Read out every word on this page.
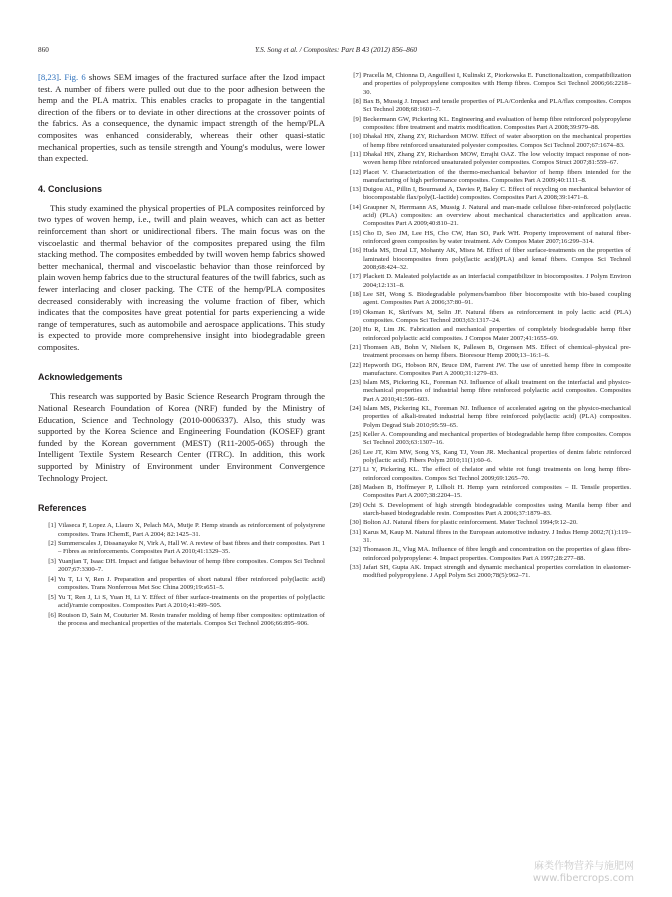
860	Y.S. Song et al. / Composites: Part B 43 (2012) 856–860

[8,23]. Fig. 6 shows SEM images of the fractured surface after the Izod impact test. A number of fibers were pulled out due to the poor adhesion between the hemp and the PLA matrix. This enables cracks to propagate in the tangential direction of the fibers or to deviate in other directions at the crossover points of the fabrics. As a consequence, the dynamic impact strength of the hemp/PLA composites was enhanced considerably, whereas their other quasi-static mechanical properties, such as tensile strength and Young's modulus, were lower than expected.

4. Conclusions

This study examined the physical properties of PLA composites reinforced by two types of woven hemp, i.e., twill and plain weaves, which can act as better reinforcement than short or unidirectional fibers. The main focus was on the viscoelastic and thermal behavior of the composites prepared using the film stacking method. The composites embedded by twill woven hemp fabrics showed better mechanical, thermal and viscoelastic behavior than those reinforced by plain woven hemp fabrics due to the structural features of the twill fabrics, such as fewer interlacing and closer packing. The CTE of the hemp/PLA composites decreased considerably with increasing the volume fraction of fiber, which indicates that the composites have great potential for parts experiencing a wide range of temperatures, such as automobile and aerospace applications. This study is expected to provide more comprehensive insight into biodegradable green composites.

Acknowledgements

This research was supported by Basic Science Research Program through the National Research Foundation of Korea (NRF) funded by the Ministry of Education, Science and Technology (2010-0006337). Also, this study was supported by the Korea Science and Engineering Foundation (KOSEF) grant funded by the Korean government (MEST) (R11-2005-065) through the Intelligent Textile System Research Center (ITRC). In addition, this work supported by Ministry of Environment under Environment Convergence Technology Project.

References
[1] Vilaseca F, Lopez A, Llauro X, Pelach MA, Mutje P. Hemp strands as reinforcement of polystyrene composites. Trans IChemE, Part A 2004; 82:1425–31.
[2] Summerscales J, Dissanayake N, Virk A, Hall W. A review of bast fibres and their composites. Part 1 – Fibres as reinforcements. Composites Part A 2010;41:1329–35.
[3] Yuanjian T, Isaac DH. Impact and fatigue behaviour of hemp fibre composites. Compos Sci Technol 2007;67:3300–7.
[4] Yu T, Li Y, Ren J. Preparation and properties of short natural fiber reinforced poly(lactic acid) composites. Trans Nonferrous Met Soc China 2009;19:s651–5.
[5] Yu T, Ren J, Li S, Yuan H, Li Y. Effect of fiber surface-treatments on the properties of poly(lactic acid)/ramie composites. Composites Part A 2010;41:499–505.
[6] Rouison D, Sain M, Couturier M. Resin transfer molding of hemp fiber composites: optimization of the process and mechanical properties of the materials. Compos Sci Technol 2006;66:895–906.
[7] Pracella M, Chionna D, Anguillesi I, Kulinski Z, Piorkowska E. Functionalization, compatibilization and properties of polypropylene composites with Hemp fibres. Compos Sci Technol 2006;66:2218–30.
[8] Bax B, Mussig J. Impact and tensile properties of PLA/Cordenka and PLA/flax composites. Compos Sci Technol 2008;68:1601–7.
[9] Beckermann GW, Pickering KL. Engineering and evaluation of hemp fibre reinforced polypropylene composites: fibre treatment and matrix modification. Composites Part A 2008;39:979–88.
[10] Dhakal HN, Zhang ZY, Richardson MOW. Effect of water absorption on the mechanical properties of hemp fibre reinforced unsaturated polyester composites. Compos Sci Technol 2007;67:1674–83.
[11] Dhakal HN, Zhang ZY, Richardson MOW, Errajhi OAZ. The low velocity impact response of non-woven hemp fibre reinforced unsaturated polyester composites. Compos Struct 2007;81:559–67.
[12] Placet V. Characterization of the thermo-mechanical behavior of hemp fibers intended for the manufacturing of high performance composites. Composites Part A 2009;40:1111–8.
[13] Duigou AL, Pillin I, Bourmaud A, Davies P, Baley C. Effect of recycling on mechanical behavior of biocompostable flax/poly(L-lactide) composites. Composites Part A 2008;39:1471–8.
[14] Graupner N, Herrmann AS, Mussig J. Natural and man-made cellulose fiber-reinforced poly(lactic acid) (PLA) composites: an overview about mechanical characteristics and application areas. Composites Part A 2009;40:810–21.
[15] Cho D, Seo JM, Lee HS, Cho CW, Han SO, Park WH. Property improvement of natural fiber-reinforced green composites by water treatment. Adv Compos Mater 2007;16:299–314.
[16] Huda MS, Drzal LT, Mohanty AK, Misra M. Effect of fiber surface-treatments on the properties of laminated biocomposites from poly(lactic acid)(PLA) and kenaf fibers. Compos Sci Technol 2008;68:424–32.
[17] Plackett D. Maleated polylactide as an interfacial compatibilizer in biocomposites. J Polym Environ 2004;12:131–8.
[18] Lee SH, Wong S. Biodegradable polymers/bamboo fiber biocomposite with bio-based coupling agent. Composites Part A 2006;37:80–91.
[19] Oksman K, Skrifvars M, Selin JF. Natural fibers as reinforcement in poly lactic acid (PLA) composites. Compos Sci Technol 2003;63:1317–24.
[20] Hu R, Lim JK. Fabrication and mechanical properties of completely biodegradable hemp fiber reinforced polylactic acid composites. J Compos Mater 2007;41:1655–69.
[21] Thomsen AB, Bohn V, Nielsen K, Pallesen B, Orgensen MS. Effect of chemical–physical pre-treatment processes on hemp fibers. Bioresour Hemp 2000;13–16:1–6.
[22] Hepworth DG, Hobson RN, Bruce DM, Farrent JW. The use of unretted hemp fibre in composite manufacture. Composites Part A 2000;31:1279–83.
[23] Islam MS, Pickering KL, Foreman NJ. Influence of alkali treatment on the interfacial and physico-mechanical properties of industrial hemp fibre reinforced polylactic acid composites. Composites Part A 2010;41:596–603.
[24] Islam MS, Pickering KL, Foreman NJ. Influence of accelerated ageing on the physico-mechanical properties of alkali-treated industrial hemp fibre reinforced poly(lactic acid) (PLA) composites. Polym Degrad Stab 2010;95:59–65.
[25] Keller A. Compounding and mechanical properties of biodegradable hemp fibre composites. Compos Sci Technol 2003;63:1307–16.
[26] Lee JT, Kim MW, Song YS, Kang TJ, Youn JR. Mechanical properties of denim fabric reinforced poly(lactic acid). Fibers Polym 2010;11(1):60–6.
[27] Li Y, Pickering KL. The effect of chelator and white rot fungi treatments on long hemp fibre-reinforced composites. Compos Sci Technol 2009;69:1265–70.
[28] Madsen B, Hoffmeyer P, Lilholt H. Hemp yarn reinforced composites – II. Tensile properties. Composites Part A 2007;38:2204–15.
[29] Ochi S. Development of high strength biodegradable composites using Manila hemp fiber and starch-based biodegradable resin. Composites Part A 2006;37:1879–83.
[30] Bolton AJ. Natural fibers for plastic reinforcement. Mater Technol 1994;9:12–20.
[31] Karus M, Kaup M. Natural fibres in the European automotive industry. J Indus Hemp 2002;7(1):119–31.
[32] Thomason JL, Vlug MA. Influence of fibre length and concentration on the properties of glass fibre-reinforced polypropylene: 4. Impact properties. Composites Part A 1997;28:277–88.
[33] Jafari SH, Gupta AK. Impact strength and dynamic mechanical properties correlation in elastomer-modified polypropylene. J Appl Polym Sci 2000;78(5):962–71.
麻类作物营养与施肥网
www.fibercrops.com
